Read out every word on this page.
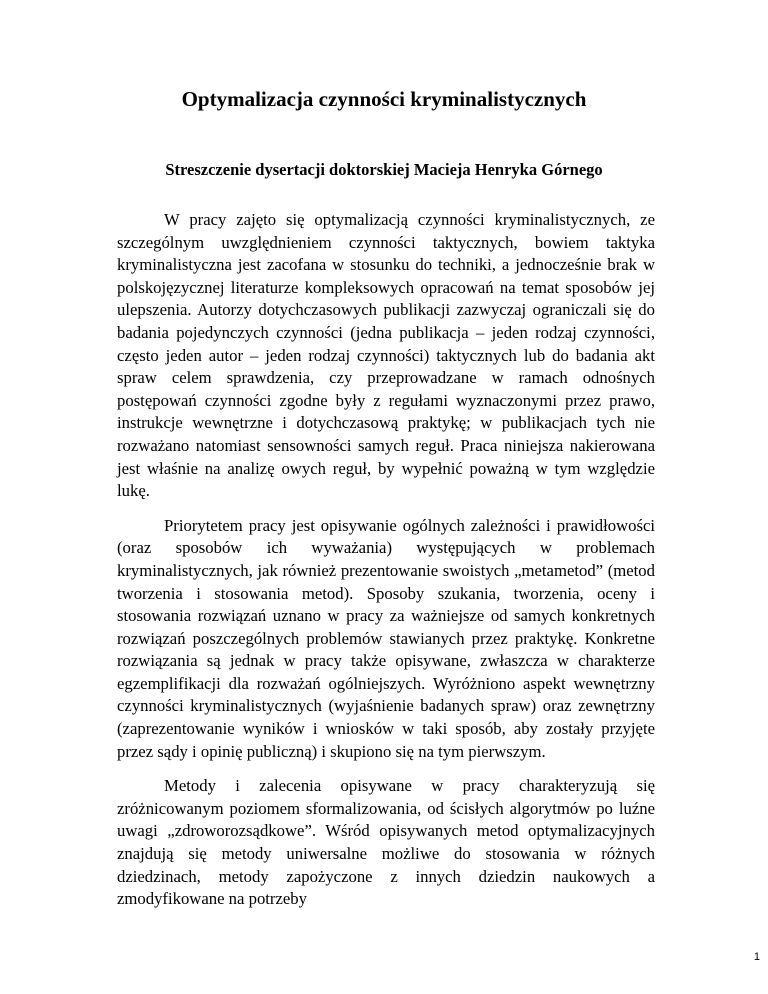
Optymalizacja czynności kryminalistycznych
Streszczenie dysertacji doktorskiej Macieja Henryka Górnego

W pracy zajęto się optymalizacją czynności kryminalistycznych, ze szczególnym uwzględnieniem czynności taktycznych, bowiem taktyka kryminalistyczna jest zacofana w stosunku do techniki, a jednocześnie brak w polskojęzycznej literaturze kompleksowych opracowań na temat sposobów jej ulepszenia. Autorzy dotychczasowych publikacji zazwyczaj ograniczali się do badania pojedynczych czynności (jedna publikacja – jeden rodzaj czynności, często jeden autor – jeden rodzaj czynności) taktycznych lub do badania akt spraw celem sprawdzenia, czy przeprowadzane w ramach odnośnych postępowań czynności zgodne były z regułami wyznaczonymi przez prawo, instrukcje wewnętrzne i dotychczasową praktykę; w publikacjach tych nie rozważano natomiast sensowności samych reguł. Praca niniejsza nakierowana jest właśnie na analizę owych reguł, by wypełnić poważną w tym względzie lukę.

Priorytetem pracy jest opisywanie ogólnych zależności i prawidłowości (oraz sposobów ich wyważania) występujących w problemach kryminalistycznych, jak również prezentowanie swoistych „metametod” (metod tworzenia i stosowania metod). Sposoby szukania, tworzenia, oceny i stosowania rozwiązań uznano w pracy za ważniejsze od samych konkretnych rozwiązań poszczególnych problemów stawianych przez praktykę. Konkretne rozwiązania są jednak w pracy także opisywane, zwłaszcza w charakterze egzemplifikacji dla rozważań ogólniejszych. Wyróżniono aspekt wewnętrzny czynności kryminalistycznych (wyjaśnienie badanych spraw) oraz zewnętrzny (zaprezentowanie wyników i wniosków w taki sposób, aby zostały przyjęte przez sądy i opinię publiczną) i skupiono się na tym pierwszym.

Metody i zalecenia opisywane w pracy charakteryzują się zróżnicowanym poziomem sformalizowania, od ścisłych algorytmów po luźne uwagi „zdroworozsądkowe”. Wśród opisywanych metod optymalizacyjnych znajdują się metody uniwersalne możliwe do stosowania w różnych dziedzinach, metody zapożyczone z innych dziedzin naukowych a zmodyfikowane na potrzeby

1
